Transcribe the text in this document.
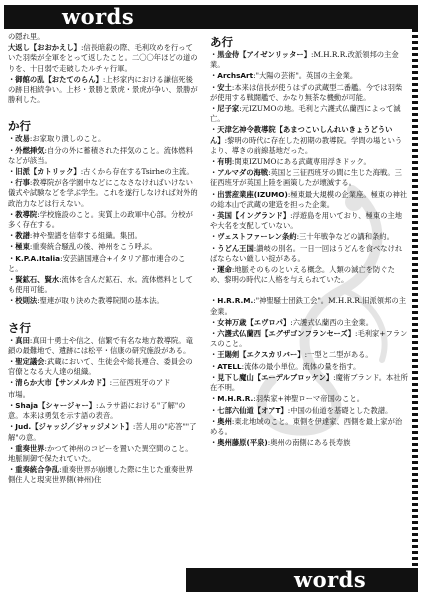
words
の隠れ里。
大返し【おおかえし】:信長暗殺の際、毛利攻めを行っていた羽柴が全軍をとって返したこと。二〇〇年ほどの道のりを、十日弱で走破したルチャ行軍。
・御館の乱【おたてのらん】:上杉家内における謙信死後の跡目相続争い。上杉・景勝と景虎・景虎が争い、景勝が勝利した。
か行
・改易:お家取り潰しのこと。
・外燃挿気:自分の外に蓄積された拝気のこと。流体燃料などが該当。
・旧派【カトリック】:古くから存在するTsirheの主流。
・行事:教導院が各学園中などにこなさなければいけない儀式や試験などを学ぶ学生。これを遂行しなければ対外的政治力などは行えない。
・教導院:学校施設のこと。実質上の政軍中心部。分校が多く存在する。
・教譜:神や聖譜を信奉する組織。集団。
・極東:重奏統合騒乱の後、神州をこう呼ぶ。
・K.P.A.Italia:安芸諸国連合+イタリア都市連合のこと。
・賢鉱石、賢水:流体を含んだ鉱石、水。流体燃料としても使用可能。
・校則法:聖連が取り決めた教導院間の基本法。
さ行
・真田:真田十勇士や信之、信繁で有名な地方教導院。竜鎖の最難地で、遺跡には松平・信康の研究施設がある。
・聖定議会:武蔵において、生徒会や総長連合、委員会の官僚となる大人達の組織。
・清らか大市【サンメルカド】:三征西班牙のアド
市場。
・Shaja【シャージャー】:ムラサ語における"了解"の意。本来は勇気を示す語の表音。
・Jud.【ジャッジ／ジャッジメント】:苦人用の"応答""了解"の意。
・重奏世界:かつて神州のコピーを置いた異空間のこと。地脈制御で保たれていた。
・重奏統合争乱:重奏世界が崩壊した際に生じた重奏世界側住人と現実世界側(神州)住
あ行
・黒金侍【アイゼンリッター】:M.H.R.R.改派領邦の主金業。
・ArchsArt:"大陽の芸術"。英国の主金業。
・安土:本来は信長が使うはずの武蔵型二番艦。今では羽柴が使用する戦闘艦で、かなり無茶な機動が可能。
・尼子家:元IZUMOの地。毛利と六護式仏蘭西によって滅亡。
・天津乞神令教導院【あまつこいしんれいきょうどういん】:黎明の時代に存在した初期の教導院。学問の場というより、導きの前線基地だった。
・有明:関東IZUMOにある武蔵専用浮きドック。
・アルマダの海戦:英国と三征西班牙の間に生じた海戦。三征西班牙が英国上陸を画策したが壊滅する。
・出雲産業座(IZUMO):極東最大規模の企業座。極東の神社の総本山で武蔵の建造を担った企業。
・英国【イングランド】:浮遊島を用いており、極東の主地や大名を支配していない。
・ヴェストファーレン条約:三十年戦争などの講和条約。
・うどん王国:讃岐の別名。一日一回はうどんを食べなければならない厳しい掟がある。
・運命:地脈そのものといえる概念。人類の滅亡を防ぐため、黎明の時代に人格を与えられていた。
・H.R.R.M.:"神聖騒士団鉄工会"。M.H.R.R.旧派領邦の主金業。
・女神万歳【エヴロパ】:六護式仏蘭西の主金業。
・六護式仏蘭西【エグザゴンフランセーズ】:毛利家+フランスのこと。
・王賜剣【エクスカリバー】:一型と二型がある。
・ATELL:流体の最小単位。流体の量を指す。
・見下し魔山【エーデルブロッケン】:魔術ブランド。本社所在不明。
・M.H.R.R.:羽柴家+神聖ローマ帝国のこと。
・七部六仙道【オアT】:中国の仙道を基礎とした教譜。
・奥州:東北地域のこと。東側を伊達家、西側を最上家が治める。
・奥州藤原(平泉):奥州の南側にある長寿族
words
